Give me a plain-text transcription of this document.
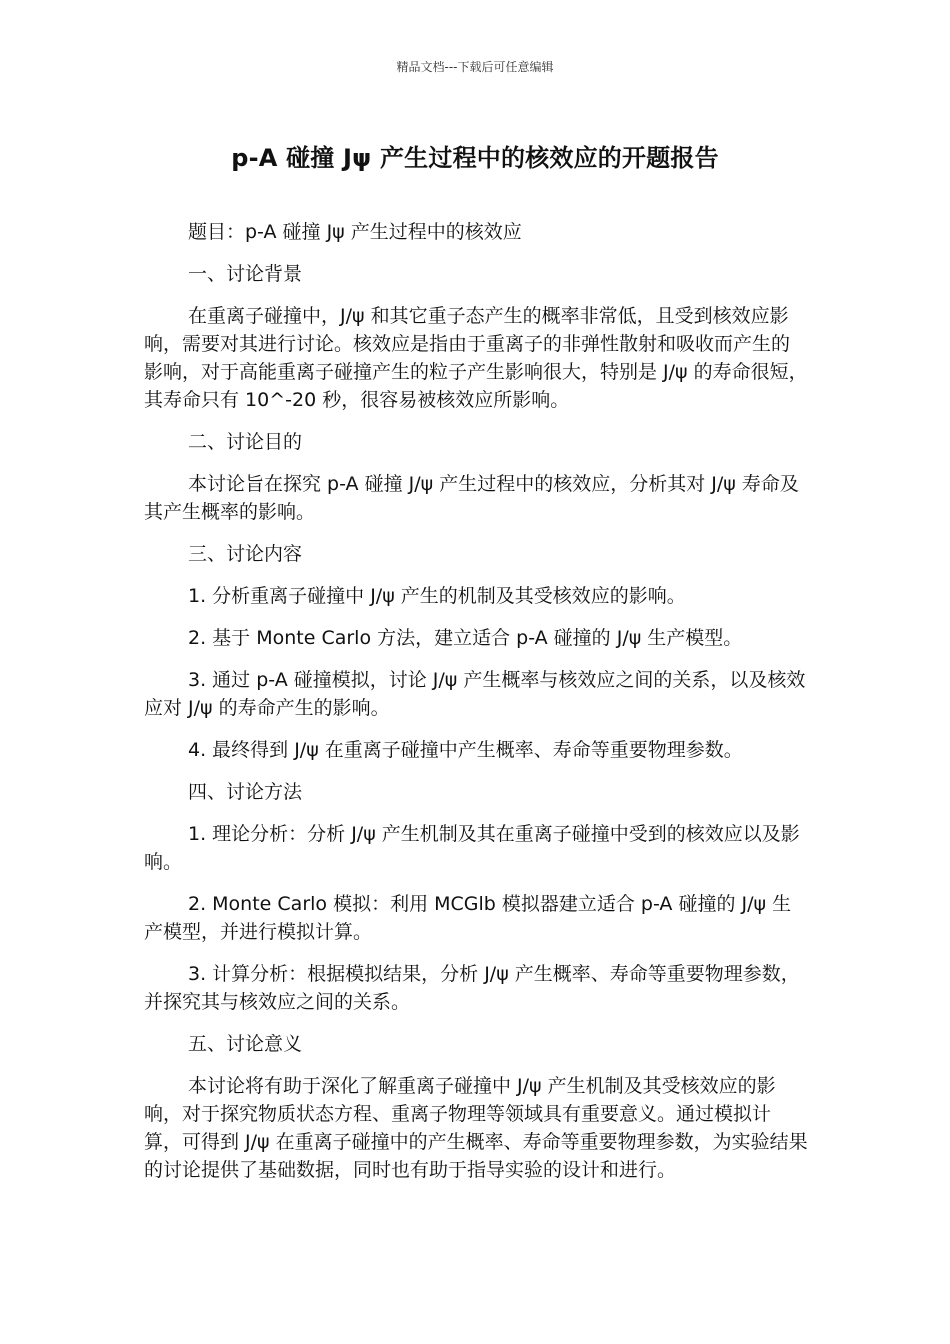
精品文档---下载后可任意编辑
p-A 碰撞 Jψ 产生过程中的核效应的开题报告

题目：p-A 碰撞 Jψ 产生过程中的核效应

一、讨论背景

在重离子碰撞中，J/ψ 和其它重子态产生的概率非常低，且受到核效应影响，需要对其进行讨论。核效应是指由于重离子的非弹性散射和吸收而产生的影响，对于高能重离子碰撞产生的粒子产生影响很大，特别是 J/ψ 的寿命很短，其寿命只有 10^-20 秒，很容易被核效应所影响。

二、讨论目的

本讨论旨在探究 p-A 碰撞 J/ψ 产生过程中的核效应，分析其对 J/ψ 寿命及其产生概率的影响。

三、讨论内容

1. 分析重离子碰撞中 J/ψ 产生的机制及其受核效应的影响。

2. 基于 Monte Carlo 方法，建立适合 p-A 碰撞的 J/ψ 生产模型。

3. 通过 p-A 碰撞模拟，讨论 J/ψ 产生概率与核效应之间的关系，以及核效应对 J/ψ 的寿命产生的影响。

4. 最终得到 J/ψ 在重离子碰撞中产生概率、寿命等重要物理参数。

四、讨论方法

1. 理论分析：分析 J/ψ 产生机制及其在重离子碰撞中受到的核效应以及影响。

2. Monte Carlo 模拟：利用 MCGlb 模拟器建立适合 p-A 碰撞的 J/ψ 生产模型，并进行模拟计算。

3. 计算分析：根据模拟结果，分析 J/ψ 产生概率、寿命等重要物理参数，并探究其与核效应之间的关系。

五、讨论意义

本讨论将有助于深化了解重离子碰撞中 J/ψ 产生机制及其受核效应的影响，对于探究物质状态方程、重离子物理等领域具有重要意义。通过模拟计算，可得到 J/ψ 在重离子碰撞中的产生概率、寿命等重要物理参数，为实验结果的讨论提供了基础数据，同时也有助于指导实验的设计和进行。
